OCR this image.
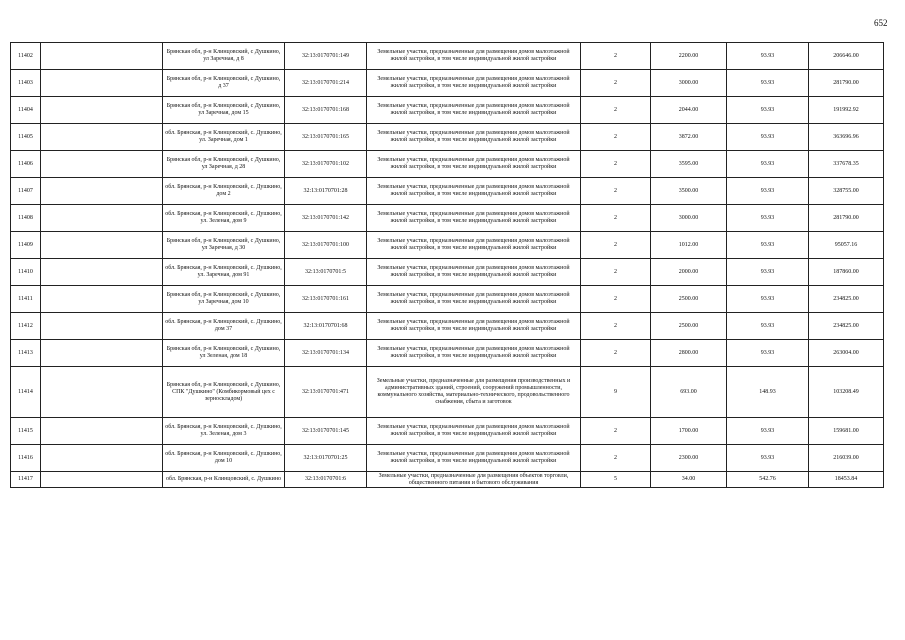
652
11402		Брянская обл, р-н Клинцовский, с Душкино, ул Заречная, д 8	32:13:0170701:149	Земельные участки, предназначенные для размещения домов малоэтажной жилой застройки, в том числе индивидуальной жилой застройки	2	2200.00	93.93	206646.00
11403		Брянская обл, р-н Клинцовский, с Душкино, д 37	32:13:0170701:214	Земельные участки, предназначенные для размещения домов малоэтажной жилой застройки, в том числе индивидуальной жилой застройки	2	3000.00	93.93	281790.00
11404		Брянская обл, р-н Клинцовский, с Душкино, ул Заречная, дом 15	32:13:0170701:168	Земельные участки, предназначенные для размещения домов малоэтажной жилой застройки, в том числе индивидуальной жилой застройки	2	2044.00	93.93	191992.92
11405		обл. Брянская, р-н Клинцовский, с. Душкино, ул. Заречная, дом 1	32:13:0170701:165	Земельные участки, предназначенные для размещения домов малоэтажной жилой застройки, в том числе индивидуальной жилой застройки	2	3872.00	93.93	363696.96
11406		Брянская обл, р-н Клинцовский, с Душкино, ул Заречная, д 28	32:13:0170701:102	Земельные участки, предназначенные для размещения домов малоэтажной жилой застройки, в том числе индивидуальной жилой застройки	2	3595.00	93.93	337678.35
11407		обл. Брянская, р-н Клинцовский, с. Душкино, дом 2	32:13:0170701:28	Земельные участки, предназначенные для размещения домов малоэтажной жилой застройки, в том числе индивидуальной жилой застройки	2	3500.00	93.93	328755.00
11408		обл. Брянская, р-н Клинцовский, с. Душкино, ул. Зеленая, дом 9	32:13:0170701:142	Земельные участки, предназначенные для размещения домов малоэтажной жилой застройки, в том числе индивидуальной жилой застройки	2	3000.00	93.93	281790.00
11409		Брянская обл, р-н Клинцовский, с Душкино, ул Заречная, д 30	32:13:0170701:100	Земельные участки, предназначенные для размещения домов малоэтажной жилой застройки, в том числе индивидуальной жилой застройки	2	1012.00	93.93	95057.16
11410		обл. Брянская, р-н Клинцовский, с. Душкино, ул. Заречная, дом 91	32:13:0170701:5	Земельные участки, предназначенные для размещения домов малоэтажной жилой застройки, в том числе индивидуальной жилой застройки	2	2000.00	93.93	187860.00
11411		Брянская обл, р-н Клинцовский, с Душкино, ул Заречная, дом 10	32:13:0170701:161	Земельные участки, предназначенные для размещения домов малоэтажной жилой застройки, в том числе индивидуальной жилой застройки	2	2500.00	93.93	234825.00
11412		обл. Брянская, р-н Клинцовский, с. Душкино, дом 37	32:13:0170701:68	Земельные участки, предназначенные для размещения домов малоэтажной жилой застройки, в том числе индивидуальной жилой застройки	2	2500.00	93.93	234825.00
11413		Брянская обл, р-н Клинцовский, с Душкино, ул Зеленая, дом 18	32:13:0170701:134	Земельные участки, предназначенные для размещения домов малоэтажной жилой застройки, в том числе индивидуальной жилой застройки	2	2800.00	93.93	263004.00
11414		Брянская обл, р-н Клинцовский, с Душкино, СПК "Душкино" (Комбикормовый цех с зерноскладом)	32:13:0170701:471	Земельные участки, предназначенные для размещения производственных и административных зданий, строений, сооружений промышленности, коммунального хозяйства, материально-технического, продовольственного снабжения, сбыта и заготовок	9	693.00	148.93	103208.49
11415		обл. Брянская, р-н Клинцовский, с. Душкино, ул. Зеленая, дом 3	32:13:0170701:145	Земельные участки, предназначенные для размещения домов малоэтажной жилой застройки, в том числе индивидуальной жилой застройки	2	1700.00	93.93	159681.00
11416		обл. Брянская, р-н Клинцовский, с. Душкино, дом 10	32:13:0170701:25	Земельные участки, предназначенные для размещения домов малоэтажной жилой застройки, в том числе индивидуальной жилой застройки	2	2300.00	93.93	216039.00
11417		обл. Брянская, р-н Клинцовский, с. Душкино	32:13:0170701:6	Земельные участки, предназначенные для размещения объектов торговли, общественного питания и бытового обслуживания	5	34.00	542.76	18453.84
